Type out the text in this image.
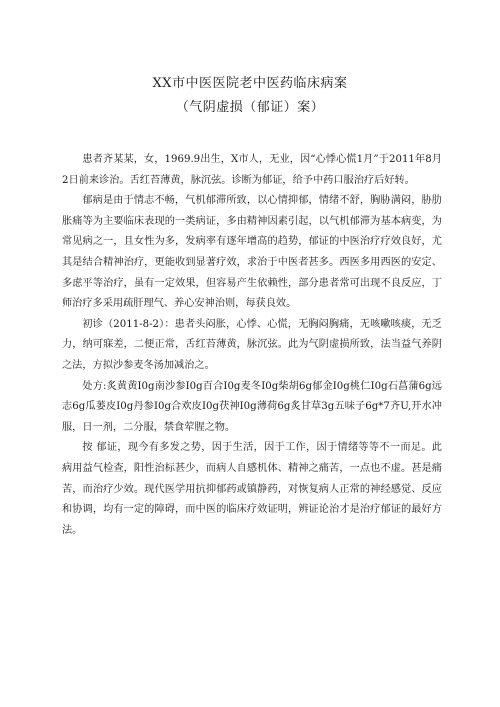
XX市中医医院老中医药临床病案
（气阴虚损（郁证）案）

患者齐某某，女，1969.9出生，X市人，无业，因“心悸心慌1月”于2011年8月2日前来诊治。舌红苔薄黄，脉沉弦。诊断为郁证，给予中药口服治疗后好转。

郁病是由于情志不畅，气机郁滞所致，以心情抑郁，情绪不舒，胸胁满闷，胁肋胀痛等为主要临床表现的一类病证，多由精神因素引起，以气机郁滞为基本病变，为常见病之一，且女性为多，发病率有逐年增高的趋势，郁证的中医治疗疗效良好，尤其是结合精神治疗，更能收到显著疗效，求治于中医者甚多。西医多用西医的安定、多虑平等治疗，虽有一定效果，但容易产生依赖性，部分患者常可出现不良反应，丁师治疗多采用疏肝理气、养心安神治则，每获良效。

初诊（2011-8-2）：患者头闷胀，心悸、心慌，无胸闷胸痛，无咳嗽咳痰，无乏力，纳可寐差，二便正常，舌红苔薄黄，脉沉弦。此为气阴虚损所致，法当益气养阴之法，方拟沙参麦冬汤加减治之。

处方:炙黄黄I0g南沙参I0g百合I0g麦冬I0g柴胡6g郁金I0g桃仁I0g石菖蒲6g远志6g瓜蒌皮I0g丹参I0g合欢皮I0g茯神I0g薄荷6g炙甘草3g五味子6g*7齐U,开水冲服，日一剂，二分服，禁食荤腥之物。

按 郁证，现今有多发之势，因于生活，因于工作，因于情绪等等不一而足。此病用益气检查，阳性治标甚少，而病人自感机体、精神之痛苦，一点也不虚。甚是痛苦，而治疗少效。现代医学用抗抑郁药或镇静药，对恢复病人正常的神经感觉、反应和协调，均有一定的障碍，而中医的临床疗效证明，辨证论治才是治疗郁证的最好方法。
